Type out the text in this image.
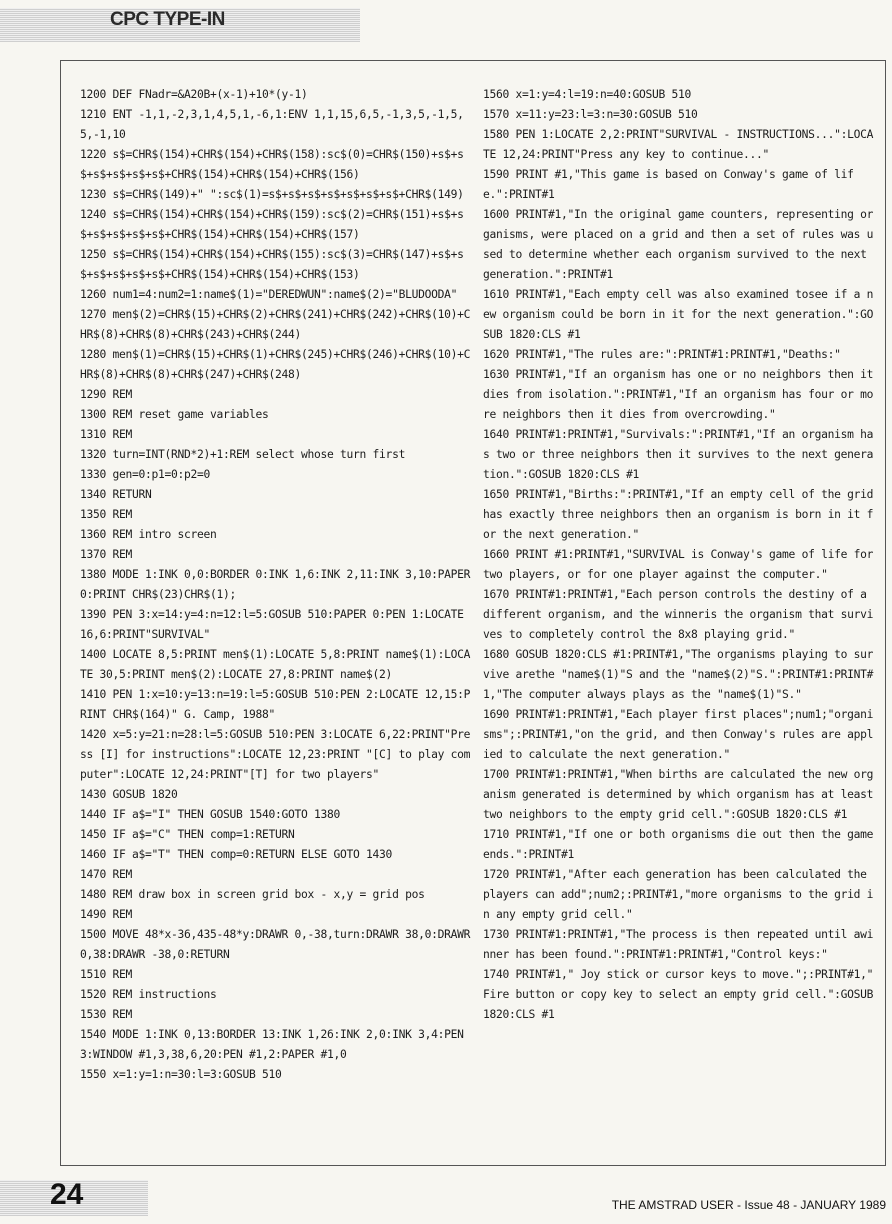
CPC TYPE-IN

1200 DEF FNadr=&A20B+(x-1)+10*(y-1)

1210 ENT -1,1,-2,3,1,4,5,1,-6,1:ENV 1,1,15,6,5,-1,3,5,-1,5,5,-1,10

1220 s$=CHR$(154)+CHR$(154)+CHR$(158):sc$(0)=CHR$(150)+s$+s$+s$+s$+s$+s$+CHR$(154)+CHR$(154)+CHR$(156)

1230 s$=CHR$(149)+" ":sc$(1)=s$+s$+s$+s$+s$+s$+s$+CHR$(149)

1240 s$=CHR$(154)+CHR$(154)+CHR$(159):sc$(2)=CHR$(151)+s$+s$+s$+s$+s$+s$+CHR$(154)+CHR$(154)+CHR$(157)

1250 s$=CHR$(154)+CHR$(154)+CHR$(155):sc$(3)=CHR$(147)+s$+s$+s$+s$+s$+s$+CHR$(154)+CHR$(154)+CHR$(153)

1260 num1=4:num2=1:name$(1)="DEREDWUN":name$(2)="BLUDOODA"

1270 men$(2)=CHR$(15)+CHR$(2)+CHR$(241)+CHR$(242)+CHR$(10)+CHR$(8)+CHR$(8)+CHR$(243)+CHR$(244)

1280 men$(1)=CHR$(15)+CHR$(1)+CHR$(245)+CHR$(246)+CHR$(10)+CHR$(8)+CHR$(8)+CHR$(247)+CHR$(248)

1290 REM

1300 REM reset game variables

1310 REM

1320 turn=INT(RND*2)+1:REM select whose turn first

1330 gen=0:p1=0:p2=0

1340 RETURN

1350 REM

1360 REM intro screen

1370 REM

1380 MODE 1:INK 0,0:BORDER 0:INK 1,6:INK 2,11:INK 3,10:PAPER 0:PRINT CHR$(23)CHR$(1);

1390 PEN 3:x=14:y=4:n=12:l=5:GOSUB 510:PAPER 0:PEN 1:LOCATE 16,6:PRINT"SURVIVAL"

1400 LOCATE 8,5:PRINT men$(1):LOCATE 5,8:PRINT name$(1):LOCATE 30,5:PRINT men$(2):LOCATE 27,8:PRINT name$(2)

1410 PEN 1:x=10:y=13:n=19:l=5:GOSUB 510:PEN 2:LOCATE 12,15:PRINT CHR$(164)" G. Camp, 1988"

1420 x=5:y=21:n=28:l=5:GOSUB 510:PEN 3:LOCATE 6,22:PRINT"Press [I] for instructions":LOCATE 12,23:PRINT "[C] to play computer":LOCATE 12,24:PRINT"[T] for two players"

1430 GOSUB 1820

1440 IF a$="I" THEN GOSUB 1540:GOTO 1380

1450 IF a$="C" THEN comp=1:RETURN

1460 IF a$="T" THEN comp=0:RETURN ELSE GOTO 1430

1470 REM

1480 REM draw box in screen grid box - x,y = grid pos

1490 REM

1500 MOVE 48*x-36,435-48*y:DRAWR 0,-38,turn:DRAWR 38,0:DRAWR 0,38:DRAWR -38,0:RETURN

1510 REM

1520 REM instructions

1530 REM

1540 MODE 1:INK 0,13:BORDER 13:INK 1,26:INK 2,0:INK 3,4:PEN 3:WINDOW #1,3,38,6,20:PEN #1,2:PAPER #1,0

1550 x=1:y=1:n=30:l=3:GOSUB 510

1560 x=1:y=4:l=19:n=40:GOSUB 510

1570 x=11:y=23:l=3:n=30:GOSUB 510

1580 PEN 1:LOCATE 2,2:PRINT"SURVIVAL - INSTRUCTIONS...":LOCATE 12,24:PRINT"Press any key to continue..."

1590 PRINT #1,"This game is based on Conway's game of life.":PRINT#1

1600 PRINT#1,"In the original game counters, representing organisms, were placed on a grid and then a set of rules was used to determine whether each organism survived to the next generation.":PRINT#1

1610 PRINT#1,"Each empty cell was also examined tosee if a new organism could be born in it for the next generation.":GOSUB 1820:CLS #1

1620 PRINT#1,"The rules are:":PRINT#1:PRINT#1,"Deaths:"

1630 PRINT#1,"If an organism has one or no neighbors then it dies from isolation.":PRINT#1,"If an organism has four or more neighbors then it dies from overcrowding."

1640 PRINT#1:PRINT#1,"Survivals:":PRINT#1,"If an organism has two or three neighbors then it survives to the next generation.":GOSUB 1820:CLS #1

1650 PRINT#1,"Births:":PRINT#1,"If an empty cell of the grid has exactly three neighbors then an organism is born in it for the next generation."

1660 PRINT #1:PRINT#1,"SURVIVAL is Conway's game of life for two players, or for one player against the computer."

1670 PRINT#1:PRINT#1,"Each person controls the destiny of a different organism, and the winneris the organism that survives to completely control the 8x8 playing grid."

1680 GOSUB 1820:CLS #1:PRINT#1,"The organisms playing to survive arethe "name$(1)"S and the "name$(2)"S.":PRINT#1:PRINT#1,"The computer always plays as the "name$(1)"S."

1690 PRINT#1:PRINT#1,"Each player first places";num1;"organisms";:PRINT#1,"on the grid, and then Conway's rules are applied to calculate the next generation."

1700 PRINT#1:PRINT#1,"When births are calculated the new organism generated is determined by which organism has at least two neighbors to the empty grid cell.":GOSUB 1820:CLS #1

1710 PRINT#1,"If one or both organisms die out then the game ends.":PRINT#1

1720 PRINT#1,"After each generation has been calculated the players can add";num2;:PRINT#1,"more organisms to the grid in any empty grid cell."

1730 PRINT#1:PRINT#1,"The process is then repeated until awinner has been found.":PRINT#1:PRINT#1,"Control keys:"

1740 PRINT#1," Joy stick or cursor keys to move.";:PRINT#1," Fire button or copy key to select an empty grid cell.":GOSUB 1820:CLS #1

24	THE AMSTRAD USER - Issue 48 - JANUARY 1989
